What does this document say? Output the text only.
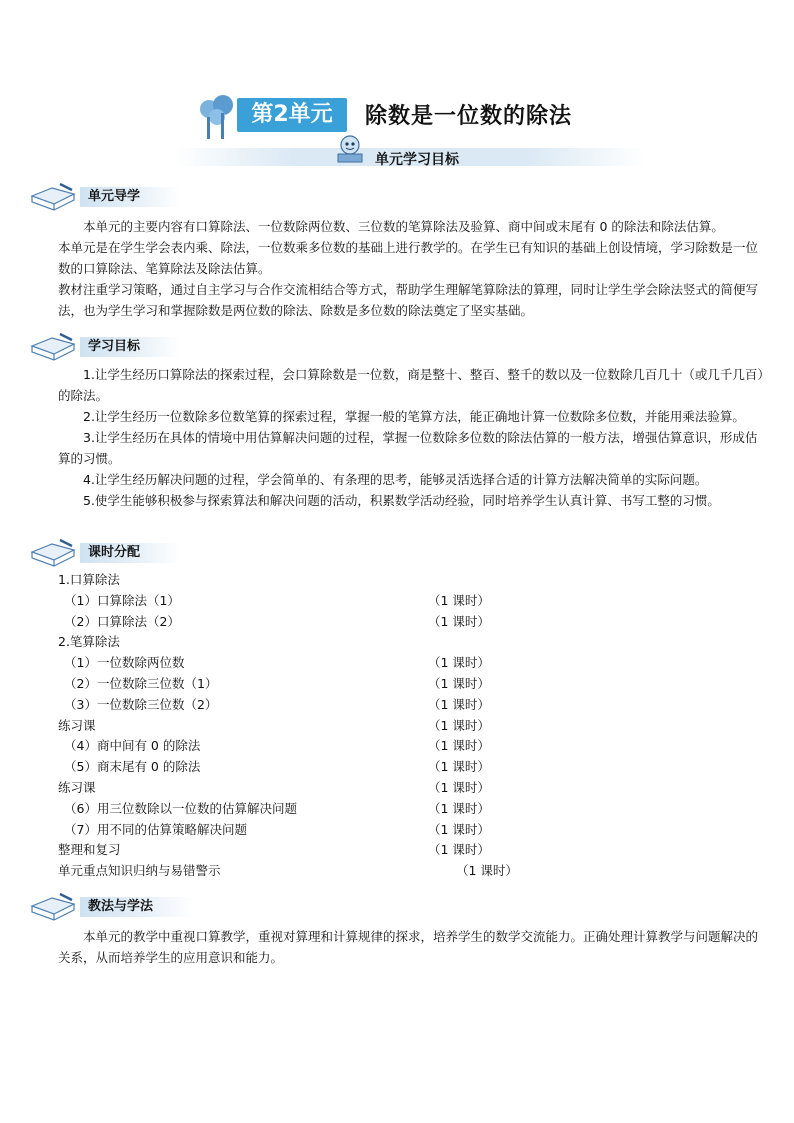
第2单元	除数是一位数的除法
单元学习目标
单元导学

本单元的主要内容有口算除法、一位数除两位数、三位数的笔算除法及验算、商中间或末尾有 0 的除法和除法估算。

本单元是在学生学会表内乘、除法，一位数乘多位数的基础上进行教学的。在学生已有知识的基础上创设情境，学习除数是一位数的口算除法、笔算除法及除法估算。

教材注重学习策略，通过自主学习与合作交流相结合等方式，帮助学生理解笔算除法的算理，同时让学生学会除法竖式的简便写法，也为学生学习和掌握除数是两位数的除法、除数是多位数的除法奠定了坚实基础。

学习目标

1.让学生经历口算除法的探索过程，会口算除数是一位数，商是整十、整百、整千的数以及一位数除几百几十（或几千几百）的除法。

2.让学生经历一位数除多位数笔算的探索过程，掌握一般的笔算方法，能正确地计算一位数除多位数，并能用乘法验算。

3.让学生经历在具体的情境中用估算解决问题的过程，掌握一位数除多位数的除法估算的一般方法，增强估算意识，形成估算的习惯。

4.让学生经历解决问题的过程，学会简单的、有条理的思考，能够灵活选择合适的计算方法解决简单的实际问题。

5.使学生能够积极参与探索算法和解决问题的活动，积累数学活动经验，同时培养学生认真计算、书写工整的习惯。

课时分配
1.口算除法
（1）口算除法（1）	（1 课时）
（2）口算除法（2）	（1 课时）
2.笔算除法
（1）一位数除两位数	（1 课时）
（2）一位数除三位数（1）	（1 课时）
（3）一位数除三位数（2）	（1 课时）
练习课	（1 课时）
（4）商中间有 0 的除法	（1 课时）
（5）商末尾有 0 的除法	（1 课时）
练习课	（1 课时）
（6）用三位数除以一位数的估算解决问题	（1 课时）
（7）用不同的估算策略解决问题	（1 课时）
整理和复习	（1 课时）
单元重点知识归纳与易错警示	（1 课时）
教法与学法

本单元的教学中重视口算教学，重视对算理和计算规律的探求，培养学生的数学交流能力。正确处理计算教学与问题解决的关系，从而培养学生的应用意识和能力。
